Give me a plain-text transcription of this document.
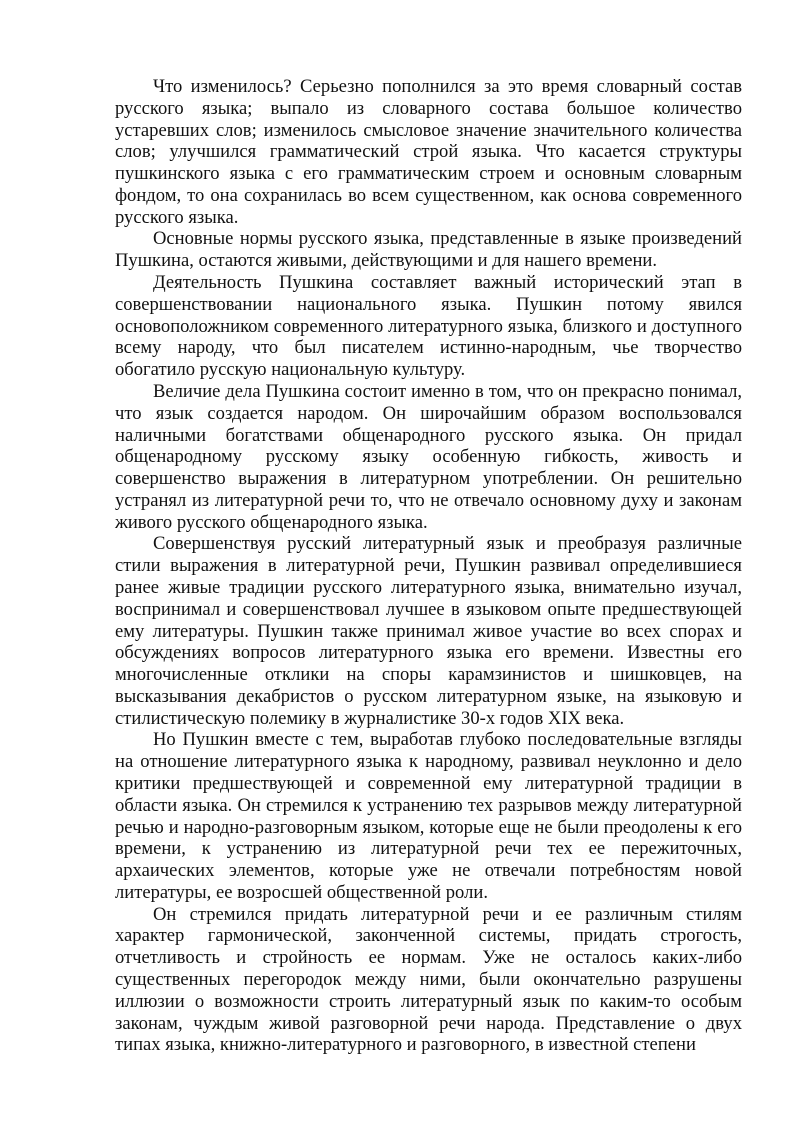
Что изменилось? Серьезно пополнился за это время словарный состав русского языка; выпало из словарного состава большое количество устаревших слов; изменилось смысловое значение значительного количества слов; улучшился грамматический строй языка. Что касается структуры пушкинского языка с его грамматическим строем и основным словарным фондом, то она сохранилась во всем существенном, как основа современного русского языка.

Основные нормы русского языка, представленные в языке произведений Пушкина, остаются живыми, действующими и для нашего времени.

Деятельность Пушкина составляет важный исторический этап в совершенствовании национального языка. Пушкин потому явился основоположником современного литературного языка, близкого и доступного всему народу, что был писателем истинно-народным, чье творчество обогатило русскую национальную культуру.

Величие дела Пушкина состоит именно в том, что он прекрасно понимал, что язык создается народом. Он широчайшим образом воспользовался наличными богатствами общенародного русского языка. Он придал общенародному русскому языку особенную гибкость, живость и совершенство выражения в литературном употреблении. Он решительно устранял из литературной речи то, что не отвечало основному духу и законам живого русского общенародного языка.

Совершенствуя русский литературный язык и преобразуя различные стили выражения в литературной речи, Пушкин развивал определившиеся ранее живые традиции русского литературного языка, внимательно изучал, воспринимал и совершенствовал лучшее в языковом опыте предшествующей ему литературы. Пушкин также принимал живое участие во всех спорах и обсуждениях вопросов литературного языка его времени. Известны его многочисленные отклики на споры карамзинистов и шишковцев, на высказывания декабристов о русском литературном языке, на языковую и стилистическую полемику в журналистике 30-х годов XIX века.

Но Пушкин вместе с тем, выработав глубоко последовательные взгляды на отношение литературного языка к народному, развивал неуклонно и дело критики предшествующей и современной ему литературной традиции в области языка. Он стремился к устранению тех разрывов между литературной речью и народно-разговорным языком, которые еще не были преодолены к его времени, к устранению из литературной речи тех ее пережиточных, архаических элементов, которые уже не отвечали потребностям новой литературы, ее возросшей общественной роли.

Он стремился придать литературной речи и ее различным стилям характер гармонической, законченной системы, придать строгость, отчетливость и стройность ее нормам. Уже не осталось каких-либо существенных перегородок между ними, были окончательно разрушены иллюзии о возможности строить литературный язык по каким-то особым законам, чуждым живой разговорной речи народа. Представление о двух типах языка, книжно-литературного и разговорного, в известной степени
